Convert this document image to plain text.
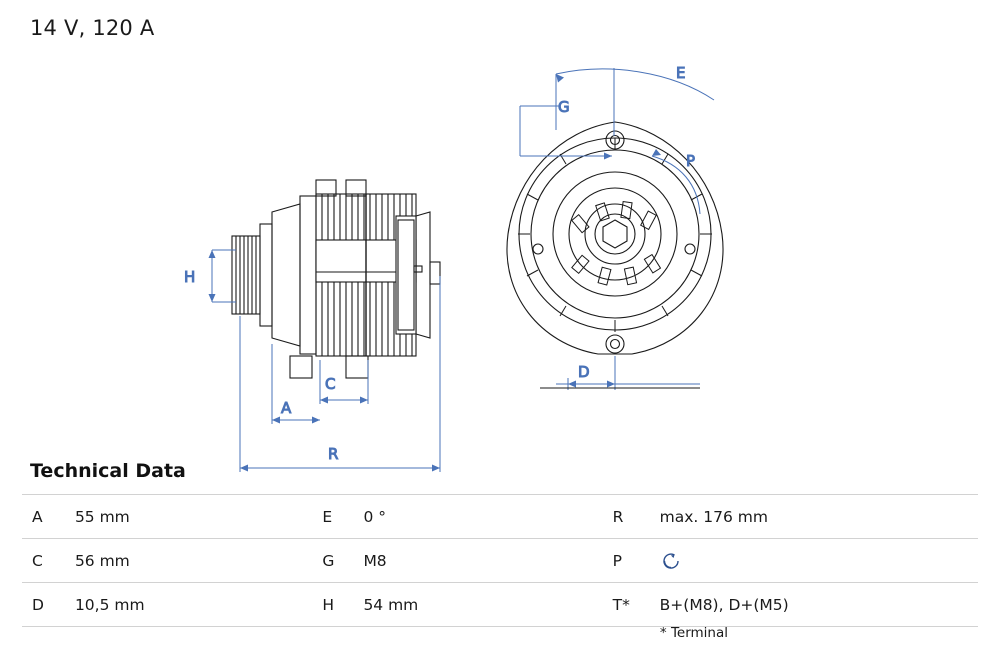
14 V, 120 A
H
C
A
R
E
G
P
D
Technical Data
A	55 mm	E	0 °	R	max. 176 mm
C	56 mm	G	M8	P	

D	10,5 mm	H	54 mm	T*	B+(M8), D+(M5)
* Terminal
